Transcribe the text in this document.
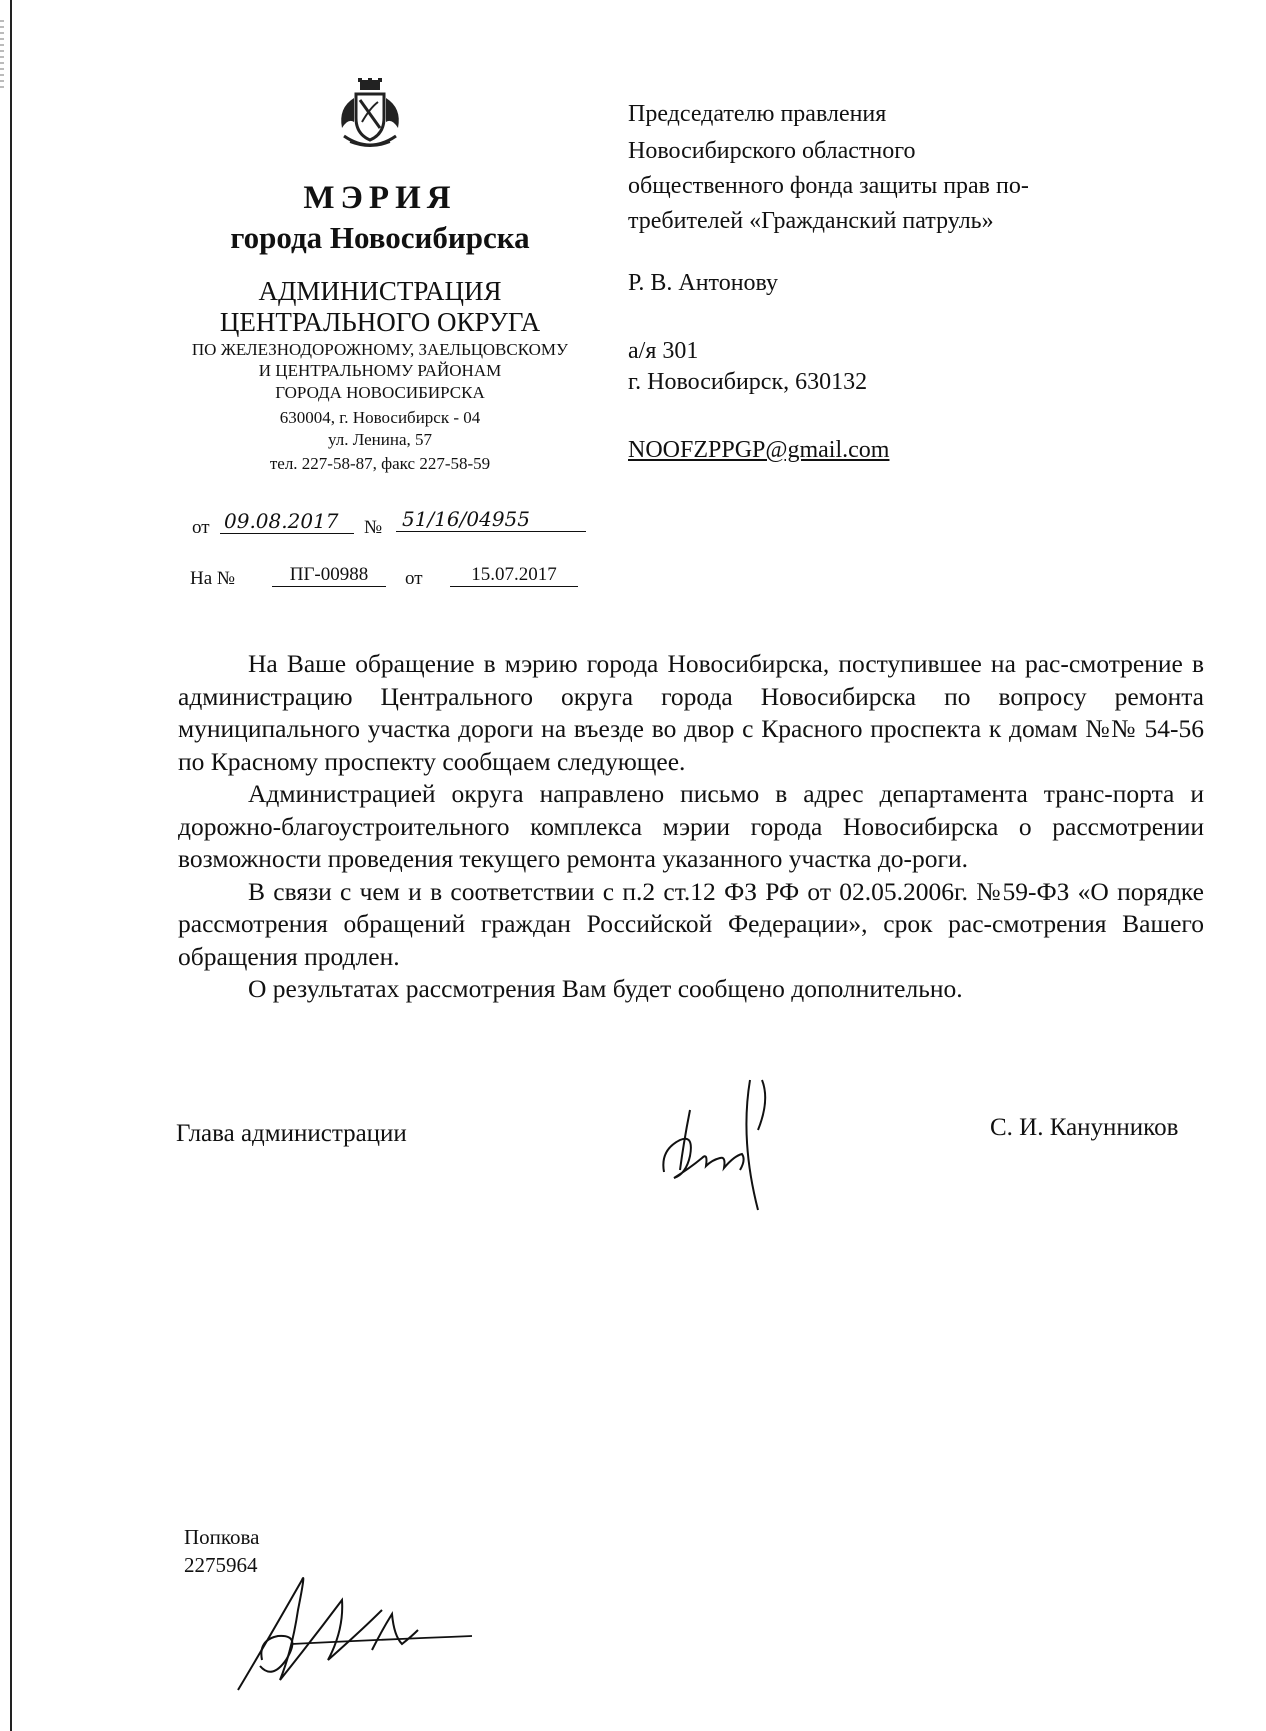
МЭРИЯ
города Новосибирска
АДМИНИСТРАЦИЯ
ЦЕНТРАЛЬНОГО ОКРУГА
ПО ЖЕЛЕЗНОДОРОЖНОМУ, ЗАЕЛЬЦОВСКОМУ
И ЦЕНТРАЛЬНОМУ РАЙОНАМ
ГОРОДА НОВОСИБИРСКА
630004, г. Новосибирск - 04
ул. Ленина, 57
тел. 227-58-87, факс 227-58-59
от 09.08.2017	№ 51/16/04955
На №	ПГ-00988	от	15.07.2017
Председателю правления
Новосибирского областного
общественного фонда защиты прав по-
требителей «Гражданский патруль»
Р. В. Антонову
а/я 301
г. Новосибирск, 630132
NOOFZPPGP@gmail.com

На Ваше обращение в мэрию города Новосибирска, поступившее на рас-смотрение в администрацию Центрального округа города Новосибирска по вопросу ремонта муниципального участка дороги на въезде во двор с Красного проспекта к домам №№ 54-56 по Красному проспекту сообщаем следующее.

Администрацией округа направлено письмо в адрес департамента транс-порта и дорожно-благоустроительного комплекса мэрии города Новосибирска о рассмотрении возможности проведения текущего ремонта указанного участка до-роги.

В связи с чем и в соответствии с п.2 ст.12 ФЗ РФ от 02.05.2006г. №59-ФЗ «О порядке рассмотрения обращений граждан Российской Федерации», срок рас-смотрения Вашего обращения продлен.

О результатах рассмотрения Вам будет сообщено дополнительно.

Глава администрации	С. И. Канунников
Попкова
2275964
